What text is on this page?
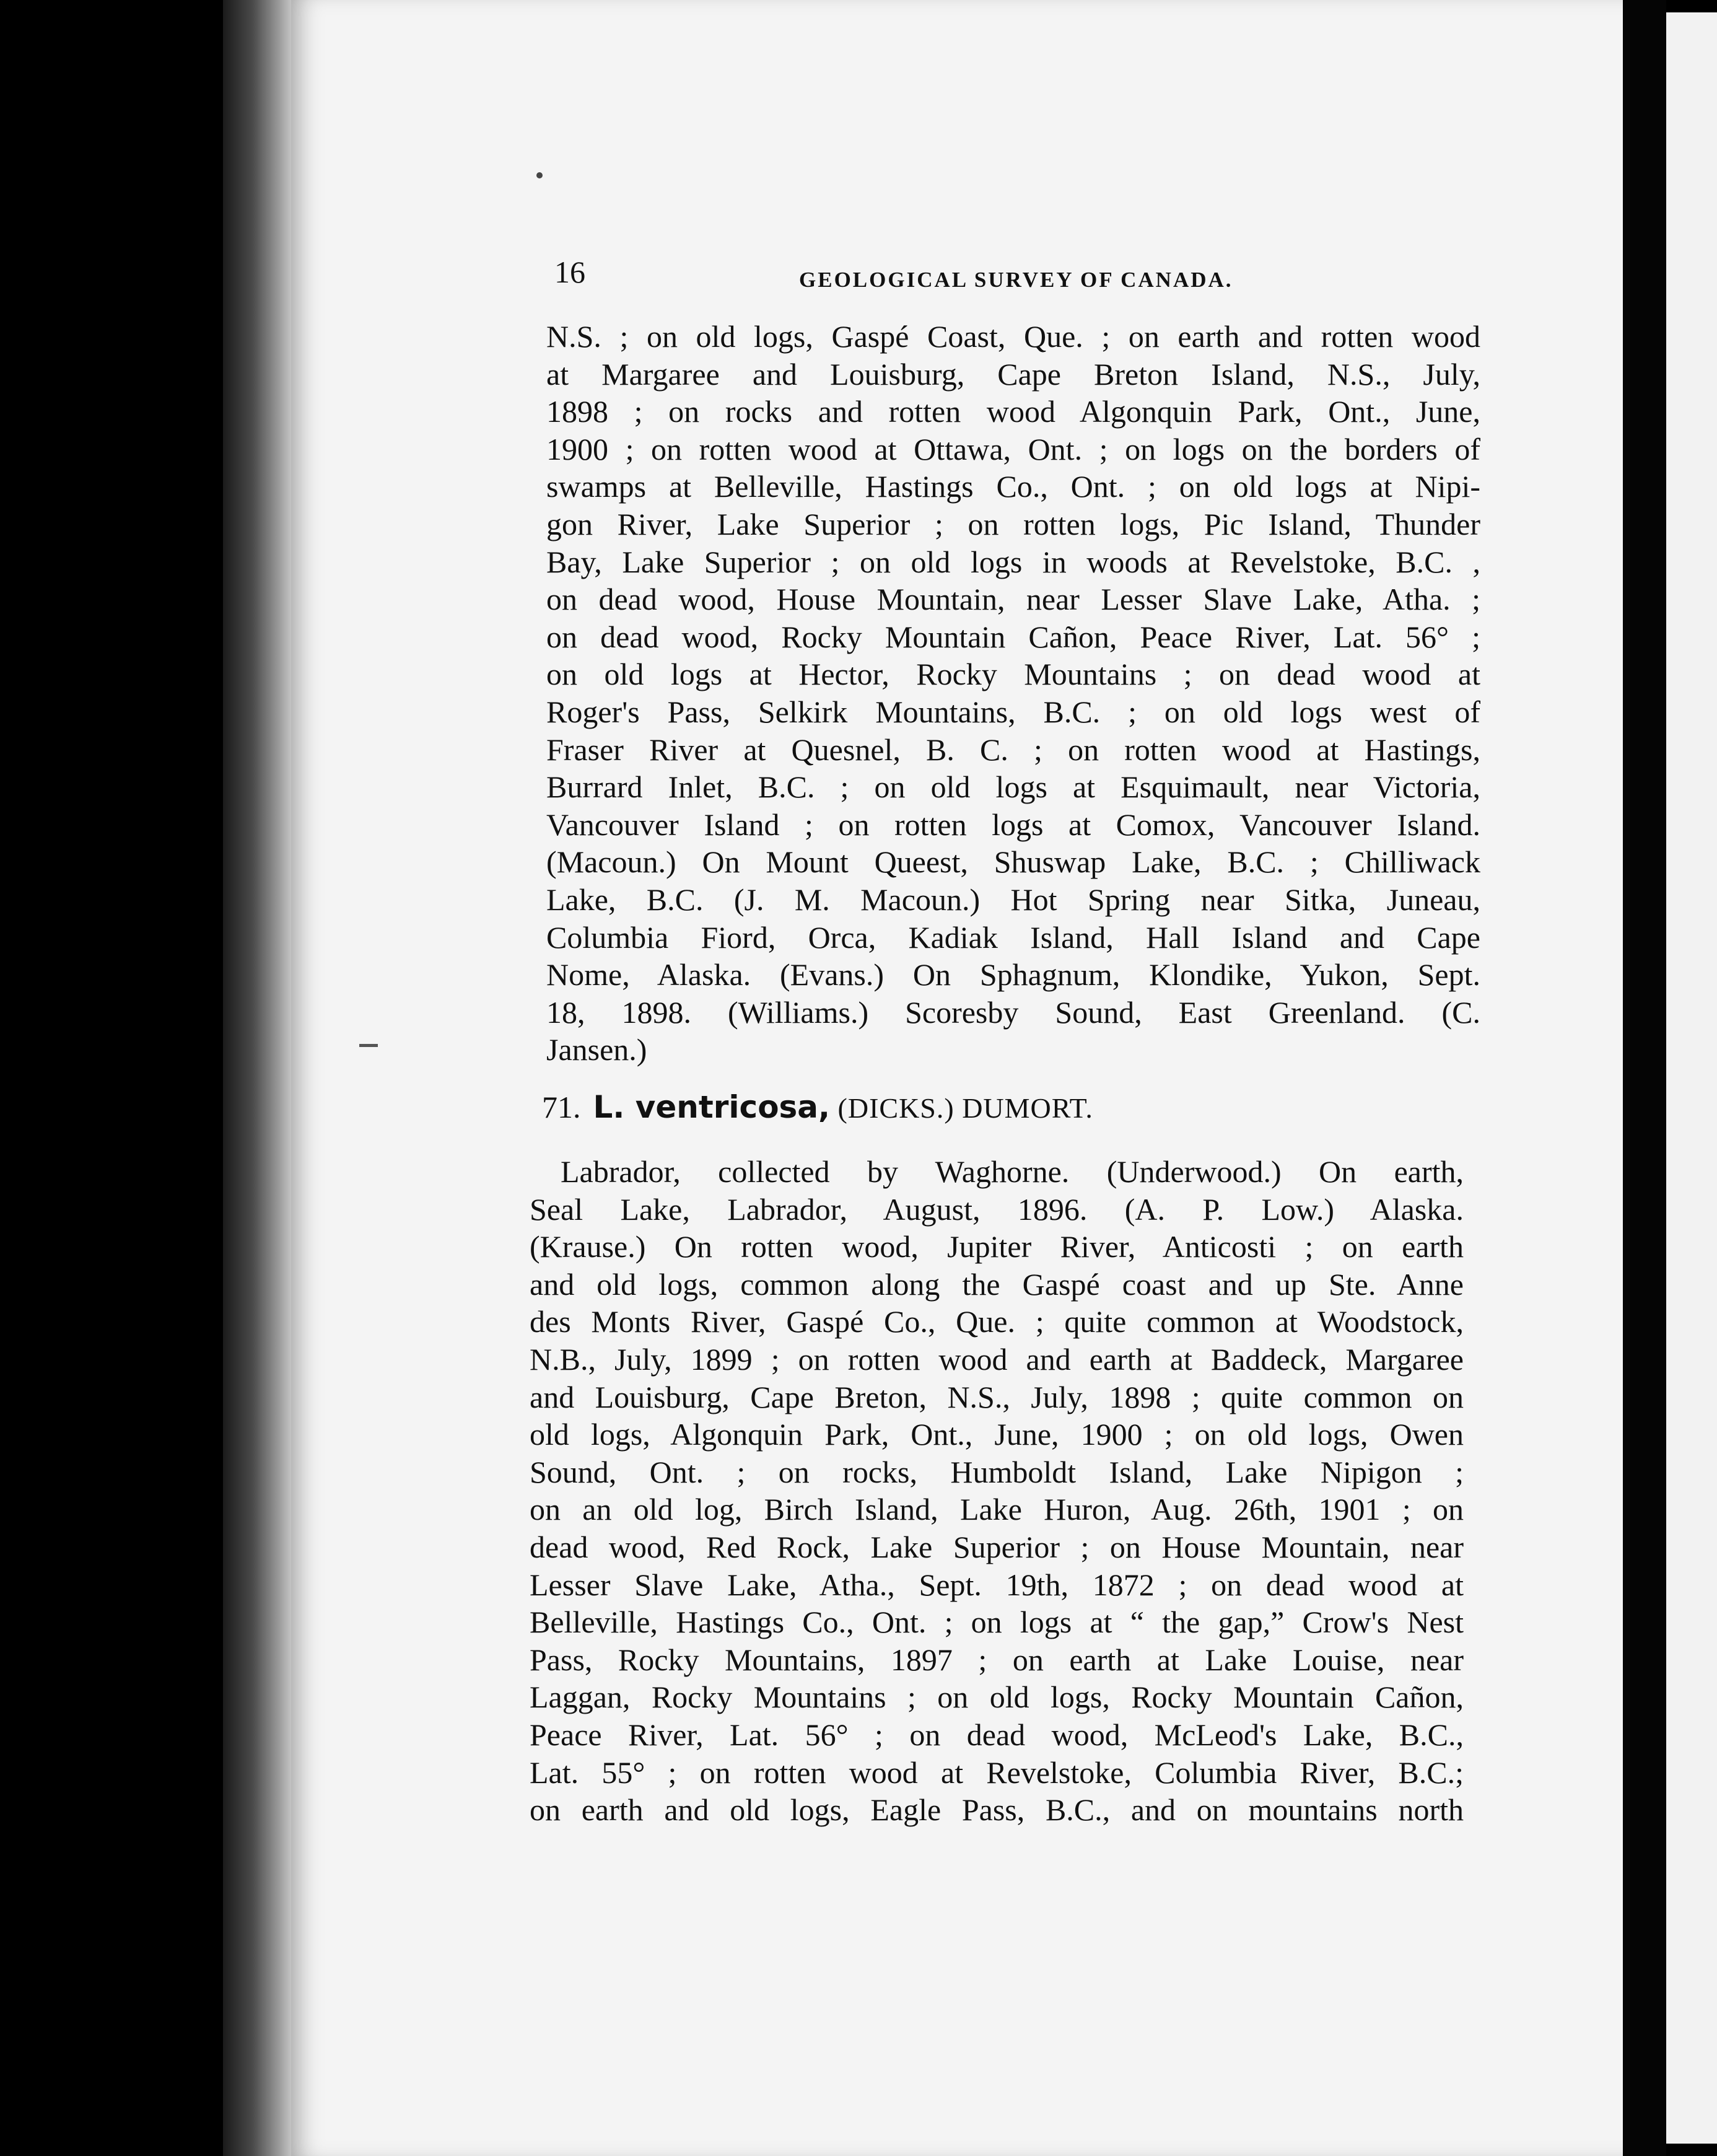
16	GEOLOGICAL SURVEY OF CANADA.
N.S. ; on old logs, Gaspé Coast, Que. ; on earth and rotten wood
at Margaree and Louisburg, Cape Breton Island, N.S., July,
1898 ; on rocks and rotten wood Algonquin Park, Ont., June,
1900 ; on rotten wood at Ottawa, Ont. ; on logs on the borders of
swamps at Belleville, Hastings Co., Ont. ; on old logs at Nipi-
gon River, Lake Superior ; on rotten logs, Pic Island, Thunder
Bay, Lake Superior ; on old logs in woods at Revelstoke, B.C. ,
on dead wood, House Mountain, near Lesser Slave Lake, Atha. ;
on dead wood, Rocky Mountain Cañon, Peace River, Lat. 56° ;
on old logs at Hector, Rocky Mountains ; on dead wood at
Roger's Pass, Selkirk Mountains, B.C. ; on old logs west of
Fraser River at Quesnel, B. C. ; on rotten wood at Hastings,
Burrard Inlet, B.C. ; on old logs at Esquimault, near Victoria,
Vancouver Island ; on rotten logs at Comox, Vancouver Island.
(Macoun.) On Mount Queest, Shuswap Lake, B.C. ; Chilliwack
Lake, B.C. (J. M. Macoun.) Hot Spring near Sitka, Juneau,
Columbia Fiord, Orca, Kadiak Island, Hall Island and Cape
Nome, Alaska. (Evans.) On Sphagnum, Klondike, Yukon, Sept.
18, 1898. (Williams.) Scoresby Sound, East Greenland. (C.
Jansen.)
71. L. ventricosa, (DICKS.) DUMORT.
Labrador, collected by Waghorne. (Underwood.) On earth,
Seal Lake, Labrador, August, 1896. (A. P. Low.) Alaska.
(Krause.) On rotten wood, Jupiter River, Anticosti ; on earth
and old logs, common along the Gaspé coast and up Ste. Anne
des Monts River, Gaspé Co., Que. ; quite common at Woodstock,
N.B., July, 1899 ; on rotten wood and earth at Baddeck, Margaree
and Louisburg, Cape Breton, N.S., July, 1898 ; quite common on
old logs, Algonquin Park, Ont., June, 1900 ; on old logs, Owen
Sound, Ont. ; on rocks, Humboldt Island, Lake Nipigon ;
on an old log, Birch Island, Lake Huron, Aug. 26th, 1901 ; on
dead wood, Red Rock, Lake Superior ; on House Mountain, near
Lesser Slave Lake, Atha., Sept. 19th, 1872 ; on dead wood at
Belleville, Hastings Co., Ont. ; on logs at “ the gap,” Crow's Nest
Pass, Rocky Mountains, 1897 ; on earth at Lake Louise, near
Laggan, Rocky Mountains ; on old logs, Rocky Mountain Cañon,
Peace River, Lat. 56° ; on dead wood, McLeod's Lake, B.C.,
Lat. 55° ; on rotten wood at Revelstoke, Columbia River, B.C.;
on earth and old logs, Eagle Pass, B.C., and on mountains north
